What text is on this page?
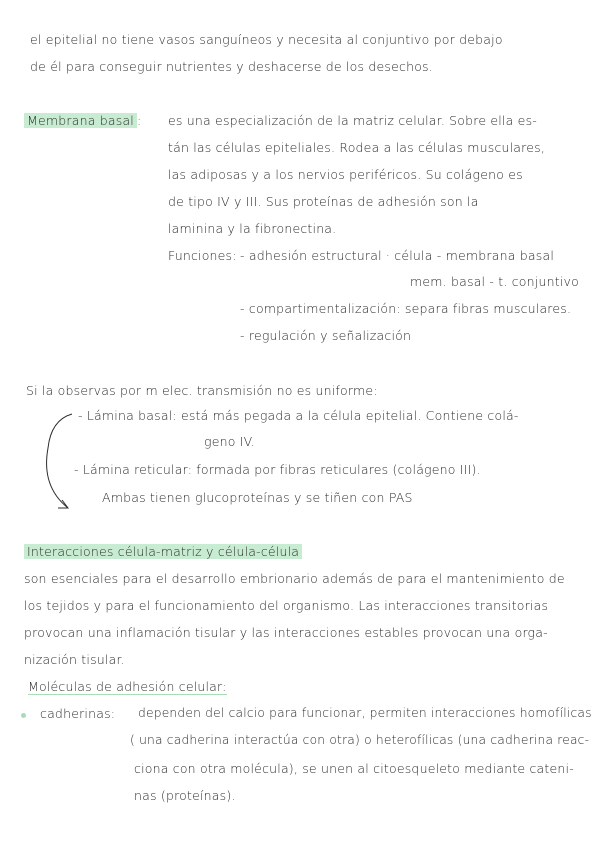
el epitelial no tiene vasos sanguíneos y necesita al conjuntivo por debajo
de él para conseguir nutrientes y deshacerse de los desechos.
Membrana basal : es una especialización de la matriz celular. Sobre ella es-
tán las células epiteliales. Rodea a las células musculares,
las adiposas y a los nervios periféricos. Su colágeno es
de tipo IV y III. Sus proteínas de adhesión son la
laminina y la fibronectina.
Funciones: - adhesión estructural · célula - membrana basal
mem. basal - t. conjuntivo
- compartimentalización: separa fibras musculares.
- regulación y señalización
Si la observas por m elec. transmisión no es uniforme:
- Lámina basal: está más pegada a la célula epitelial. Contiene colá-
geno IV.
- Lámina reticular: formada por fibras reticulares (colágeno III).
Ambas tienen glucoproteínas y se tiñen con PAS
Interacciones célula-matriz y célula-célula
son esenciales para el desarrollo embrionario además de para el mantenimiento de
los tejidos y para el funcionamiento del organismo. Las interacciones transitorias
provocan una inflamación tisular y las interacciones estables provocan una orga-
nización tisular.
Moléculas de adhesión celular:
cadherinas: dependen del calcio para funcionar, permiten interacciones homofílicas
( una cadherina interactúa con otra) o heterofílicas (una cadherina reac-
ciona con otra molécula), se unen al citoesqueleto mediante cateni-
nas (proteínas).
